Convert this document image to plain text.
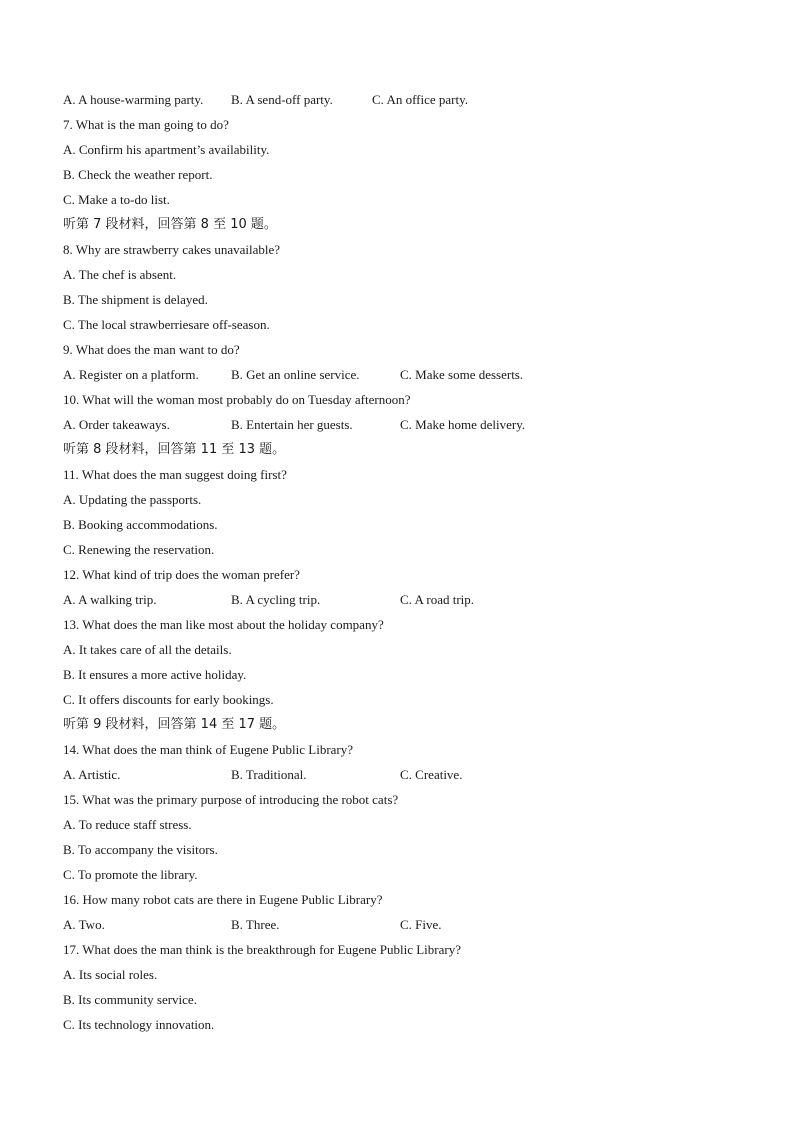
A. A house-warming party. B. A send-off party.	C. An office party.
7. What is the man going to do?
A. Confirm his apartment’s availability.
B. Check the weather report.
C. Make a to-do list.
听第 7 段材料，回答第 8 至 10 题。
8. Why are strawberry cakes unavailable?
A. The chef is absent.
B. The shipment is delayed.
C. The local strawberriesare off-season.
9. What does the man want to do?
A. Register on a platform. B. Get an online service.	C. Make some desserts.
10. What will the woman most probably do on Tuesday afternoon?
A. Order takeaways.	B. Entertain her guests.	C. Make home delivery.
听第 8 段材料，回答第 11 至 13 题。
11. What does the man suggest doing first?
A. Updating the passports.
B. Booking accommodations.
C. Renewing the reservation.
12. What kind of trip does the woman prefer?
A. A walking trip.	B. A cycling trip.	C. A road trip.
13. What does the man like most about the holiday company?
A. It takes care of all the details.
B. It ensures a more active holiday.
C. It offers discounts for early bookings.
听第 9 段材料，回答第 14 至 17 题。
14. What does the man think of Eugene Public Library?
A. Artistic.	B. Traditional.	C. Creative.
15. What was the primary purpose of introducing the robot cats?
A. To reduce staff stress.
B. To accompany the visitors.
C. To promote the library.
16. How many robot cats are there in Eugene Public Library?
A. Two.	B. Three.	C. Five.
17. What does the man think is the breakthrough for Eugene Public Library?
A. Its social roles.
B. Its community service.
C. Its technology innovation.
